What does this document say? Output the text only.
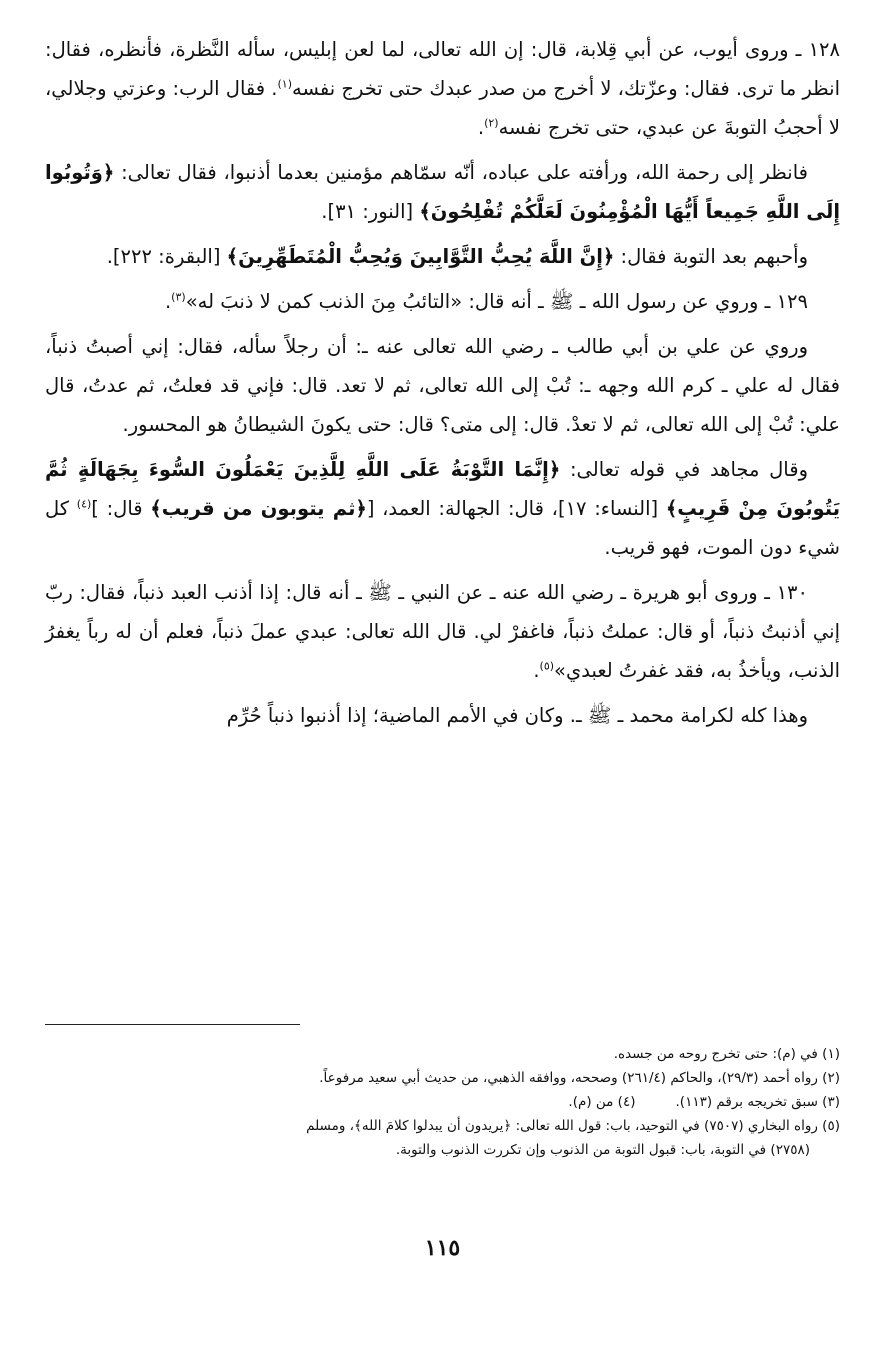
١٢٨ ـ وروى أيوب، عن أبي قِلابة، قال: إن الله تعالى، لما لعن إبليس، سأله النَّظرة، فأنظره، فقال: انظر ما ترى. فقال: وعزّتك، لا أخرج من صدر عبدك حتى تخرج نفسه$^{(١)}$. فقال الرب: وعزتي وجلالي، لا أحجبُ التوبةَ عن عبدي، حتى تخرج نفسه$^{(٢)}$.

فانظر إلى رحمة الله، ورأفته على عباده، أنّه سمّاهم مؤمنين بعدما أذنبوا، فقال تعالى: ﴿وَتُوبُوا إِلَى اللَّهِ جَمِيعاً أَيُّهَا الْمُؤْمِنُونَ لَعَلَّكُمْ تُفْلِحُونَ﴾ [النور: ٣١].

وأحبهم بعد التوبة فقال: ﴿إِنَّ اللَّهَ يُحِبُّ التَّوَّابِينَ وَيُحِبُّ الْمُتَطَهِّرِينَ﴾ [البقرة: ٢٢٢].

١٢٩ ـ وروي عن رسول الله ـ ﷺ ـ أنه قال: «التائبُ مِنَ الذنب كمن لا ذنبَ له»$^{(٣)}$.

وروي عن علي بن أبي طالب ـ رضي الله تعالى عنه ـ: أن رجلاً سأله، فقال: إني أصبتُ ذنباً، فقال له علي ـ كرم الله وجهه ـ: تُبْ إلى الله تعالى، ثم لا تعد. قال: فإني قد فعلتُ، ثم عدتُ، قال علي: تُبْ إلى الله تعالى، ثم لا تعدْ. قال: إلى متى؟ قال: حتى يكونَ الشيطانُ هو المحسور.

وقال مجاهد في قوله تعالى: ﴿إِنَّمَا التَّوْبَةُ عَلَى اللَّهِ لِلَّذِينَ يَعْمَلُونَ السُّوءَ بِجَهَالَةٍ ثُمَّ يَتُوبُونَ مِنْ قَرِيبٍ﴾ [النساء: ١٧]، قال: الجهالة: العمد، [﴿ثم يتوبون من قريب﴾ قال: ]$^{(٤)}$ كل شيء دون الموت، فهو قريب.

١٣٠ ـ وروى أبو هريرة ـ رضي الله عنه ـ عن النبي ـ ﷺ ـ أنه قال: إذا أذنب العبد ذنباً، فقال: ربّ إني أذنبتُ ذنباً، أو قال: عملتُ ذنباً، فاغفرْ لي. قال الله تعالى: عبدي عملَ ذنباً، فعلم أن له رباً يغفرُ الذنب، ويأخذُ به، فقد غفرتُ لعبدي»$^{(٥)}$.

وهذا كله لكرامة محمد ـ ﷺ ـ. وكان في الأمم الماضية؛ إذا أذنبوا ذنباً حُرِّم

(١) في (م): حتى تخرج روحه من جسده.

(٢) رواه أحمد (٢٩/٣)، والحاكم (٢٦١/٤) وصححه، ووافقه الذهبي، من حديث أبي سعيد مرفوعاً.

(٣) سبق تخريجه برقم (١١٣).(٤) من (م).

(٥) رواه البخاري (٧٥٠٧) في التوحيد، باب: قول الله تعالى: ﴿يريدون أن يبدلوا كلامَ الله﴾، ومسلم

(٢٧٥٨) في التوبة، باب: قبول التوبة من الذنوب وإن تكررت الذنوب والتوبة.

١١٥
